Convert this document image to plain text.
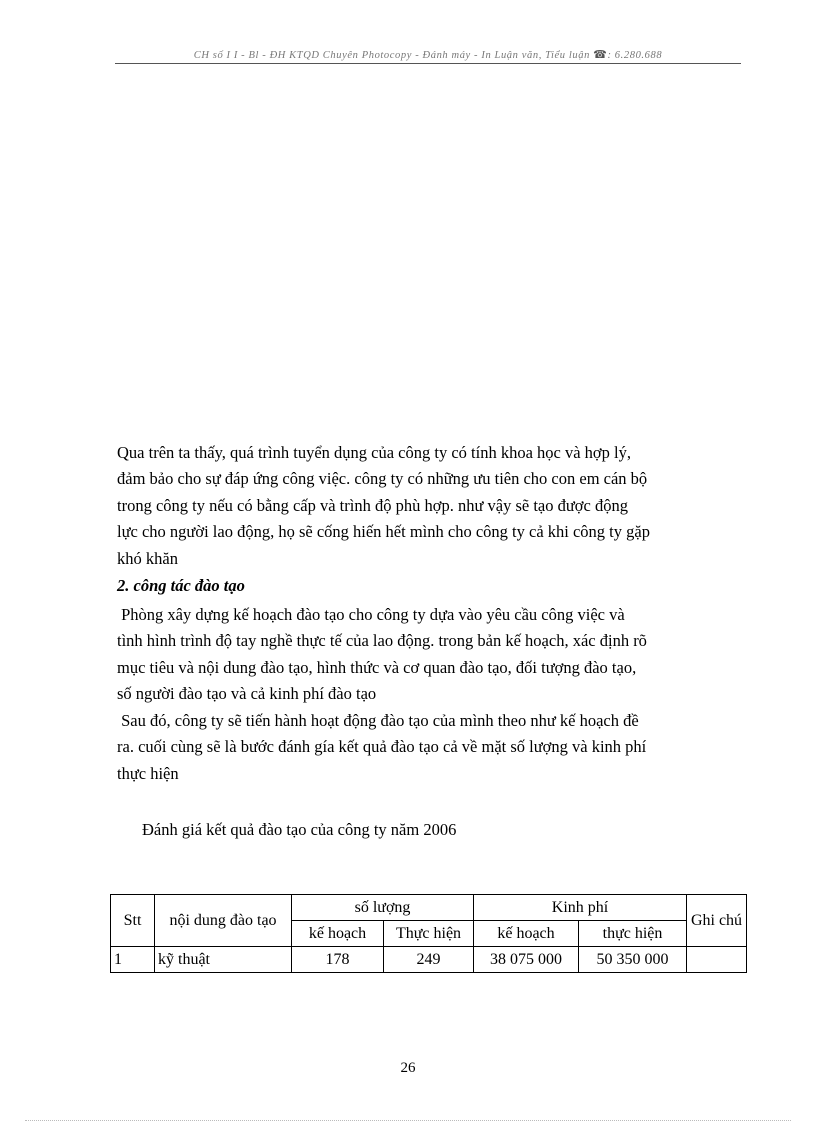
CH số I I - Bl - ĐH KTQD Chuyên Photocopy - Đánh máy - In Luận văn, Tiểu luận ☎: 6.280.688
Qua trên ta thấy, quá trình tuyển dụng của công ty có tính khoa học và hợp lý,
đảm bảo cho sự đáp ứng công việc. công ty có những ưu tiên cho con em cán bộ
trong công ty nếu có bằng cấp và trình độ phù hợp. như vậy sẽ tạo được động
lực cho người lao động, họ sẽ cống hiến hết mình cho công ty cả khi công ty gặp
khó khăn
2. công tác đào tạo
Phòng xây dựng kế hoạch đào tạo cho công ty dựa vào yêu cầu công việc và
tình hình trình độ tay nghề thực tế của lao động. trong bản kế hoạch, xác định rõ
mục tiêu và nội dung đào tạo, hình thức và cơ quan đào tạo, đối tượng đào tạo,
số người đào tạo và cả kinh phí đào tạo
Sau đó, công ty sẽ tiến hành hoạt động đào tạo của mình theo như kế hoạch đề
ra. cuối cùng sẽ là bước đánh gía kết quả đào tạo cả về mặt số lượng và kinh phí
thực hiện
Đánh giá kết quả đào tạo của công ty năm 2006
Stt	nội dung đào tạo	số lượng		Kinh phí		Ghi chú
		kế hoạch	Thực hiện	kế hoạch	thực hiện	
1	kỹ thuật	178	249	38 075 000	50 350 000	
26
